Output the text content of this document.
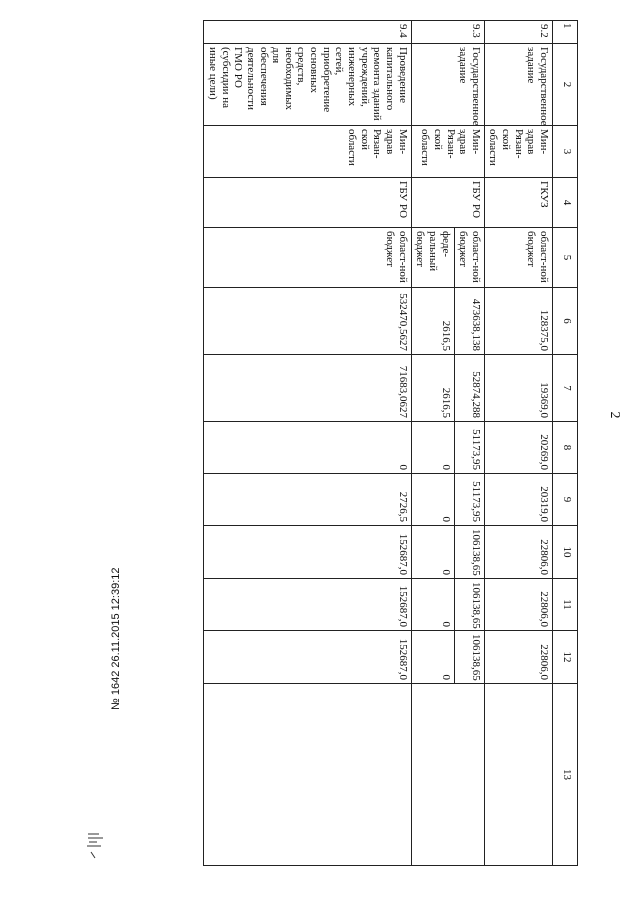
2
1	2	3	4	5	6	7	8	9	10	11	12	13
9.2	Государственное задание	Мин-здрав Рязан-ской области	ГКУЗ	област-ной бюджет	128375,0	19369,0	20269,0	20319,0	22806,0	22806,0	22806,0	
9.3	Государственное задание	Мин-здрав Рязан-ской области	ГБУ РО	област-ной бюджет	473638,138	52874,288	51173,95	51173,95	106138,65	106138,65	106138,65	
				феде-ральный бюджет	2616,5	2616,5	0	0	0	0	0	
9.4	Проведение капитального ремонта зданий учреждений, инженерных сетей, приобретение основных средств, необходимых для обеспечения деятельности ГМО РО (субсидии на иные цели)	Мин-здрав Рязан-ской области	ГБУ РО	област-ной бюджет	532470,5627	71683,0627	0	2726,5	152687,0	152687,0	152687,0	
№ 1642 26.11.2015 12:39:12
